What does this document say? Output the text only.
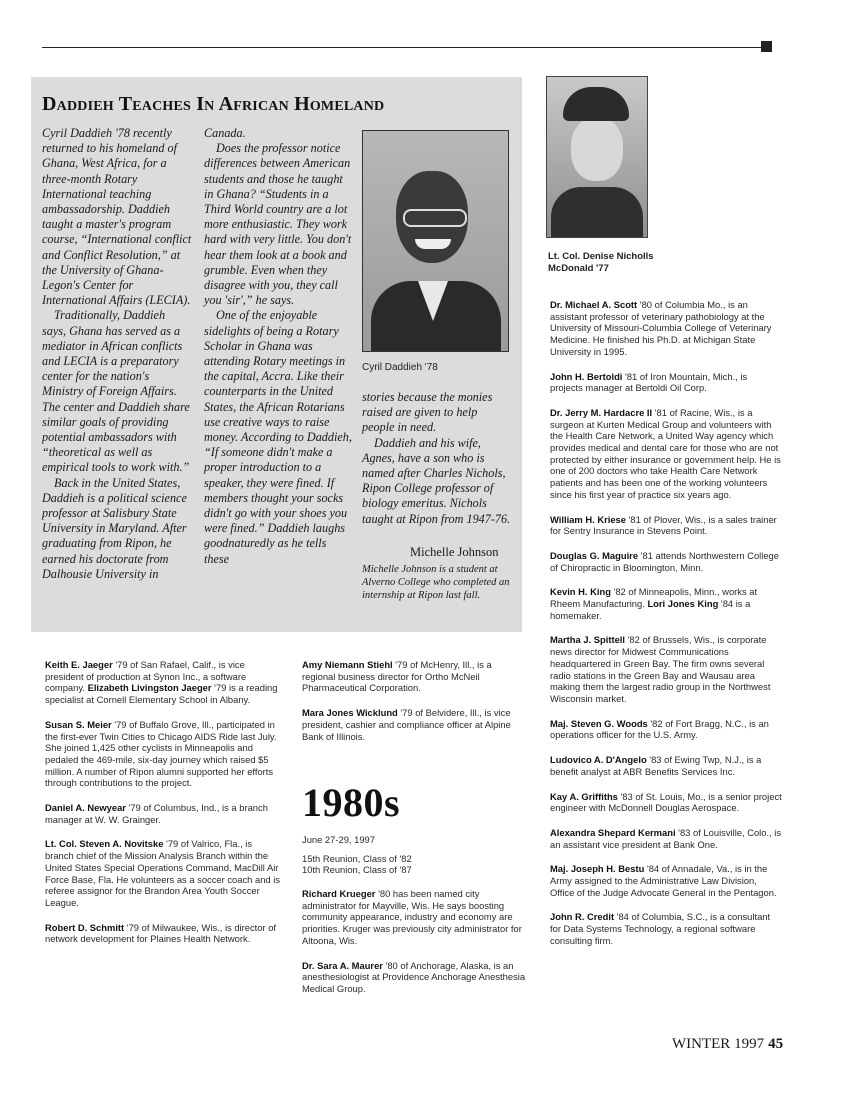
Daddieh Teaches In African Homeland

Cyril Daddieh '78 recently returned to his homeland of Ghana, West Africa, for a three-month Rotary International teaching ambassadorship. Daddieh taught a master's program course, “International conflict and Conflict Resolution,” at the University of Ghana-Legon's Center for International Affairs (LECIA).

Traditionally, Daddieh says, Ghana has served as a mediator in African conflicts and LECIA is a preparatory center for the nation's Ministry of Foreign Affairs. The center and Daddieh share similar goals of providing potential ambassadors with “theoretical as well as empirical tools to work with.”

Back in the United States, Daddieh is a political science professor at Salisbury State University in Maryland. After graduating from Ripon, he earned his doctorate from Dalhousie University in

Canada.

Does the professor notice differences between American students and those he taught in Ghana? “Students in a Third World country are a lot more enthusiastic. They work hard with very little. You don't hear them look at a book and grumble. Even when they disagree with you, they call you 'sir',” he says.

One of the enjoyable sidelights of being a Rotary Scholar in Ghana was attending Rotary meetings in the capital, Accra. Like their counterparts in the United States, the African Rotarians use creative ways to raise money. According to Daddieh, “If someone didn't make a proper introduction to a speaker, they were fined. If members thought your socks didn't go with your shoes you were fined.” Daddieh laughs goodnaturedly as he tells these

Cyril Daddieh '78

stories because the monies raised are given to help people in need.

Daddieh and his wife, Agnes, have a son who is named after Charles Nichols, Ripon College professor of biology emeritus. Nichols taught at Ripon from 1947-76.

Michelle Johnson
Michelle Johnson is a student at Alverno College who completed an internship at Ripon last fall.
Lt. Col. Denise Nicholls
McDonald '77

Keith E. Jaeger '79 of San Rafael, Calif., is vice president of production at Synon Inc., a software company. Elizabeth Livingston Jaeger '79 is a reading specialist at Cornell Elementary School in Albany.

Susan S. Meier '79 of Buffalo Grove, Ill., participated in the first-ever Twin Cities to Chicago AIDS Ride last July. She joined 1,425 other cyclists in Minneapolis and pedaled the 469-mile, six-day journey which raised $5 million. A number of Ripon alumni supported her efforts through contributions to the project.

Daniel A. Newyear '79 of Columbus, Ind., is a branch manager at W. W. Grainger.

Lt. Col. Steven A. Novitske '79 of Valrico, Fla., is branch chief of the Mission Analysis Branch within the United States Special Operations Command, MacDill Air Force Base, Fla. He volunteers as a soccer coach and is referee assignor for the Brandon Area Youth Soccer League.

Robert D. Schmitt '79 of Milwaukee, Wis., is director of network development for Plaines Health Network.

Amy Niemann Stiehl '79 of McHenry, Ill., is a regional business director for Ortho McNeil Pharmaceutical Corporation.

Mara Jones Wicklund '79 of Belvidere, Ill., is vice president, cashier and compliance officer at Alpine Bank of Illinois.

1980s
June 27-29, 1997
15th Reunion, Class of '82
10th Reunion, Class of '87

Richard Krueger '80 has been named city administrator for Mayville, Wis. He says boosting community appearance, industry and economy are priorities. Kruger was previously city administrator for Altoona, Wis.

Dr. Sara A. Maurer '80 of Anchorage, Alaska, is an anesthesiologist at Providence Anchorage Anesthesia Medical Group.

Dr. Michael A. Scott '80 of Columbia Mo., is an assistant professor of veterinary pathobiology at the University of Missouri-Columbia College of Veterinary Medicine. He finished his Ph.D. at Michigan State University in 1995.

John H. Bertoldi '81 of Iron Mountain, Mich., is projects manager at Bertoldi Oil Corp.

Dr. Jerry M. Hardacre II '81 of Racine, Wis., is a surgeon at Kurten Medical Group and volunteers with the Health Care Network, a United Way agency which provides medical and dental care for those who are not protected by either insurance or government help. He is one of 200 doctors who take Health Care Network patients and has been one of the working volunteers since his first year of practice six years ago.

William H. Kriese '81 of Plover, Wis., is a sales trainer for Sentry Insurance in Stevens Point.

Douglas G. Maguire '81 attends Northwestern College of Chiropractic in Bloomington, Minn.

Kevin H. King '82 of Minneapolis, Minn., works at Rheem Manufacturing. Lori Jones King '84 is a homemaker.

Martha J. Spittell '82 of Brussels, Wis., is corporate news director for Midwest Communications headquartered in Green Bay. The firm owns several radio stations in the Green Bay and Wausau area making them the largest radio group in the Northwest Wisconsin market.

Maj. Steven G. Woods '82 of Fort Bragg, N.C., is an operations officer for the U.S. Army.

Ludovico A. D'Angelo '83 of Ewing Twp, N.J., is a benefit analyst at ABR Benefits Services Inc.

Kay A. Griffiths '83 of St. Louis, Mo., is a senior project engineer with McDonnell Douglas Aerospace.

Alexandra Shepard Kermani '83 of Louisville, Colo., is an assistant vice president at Bank One.

Maj. Joseph H. Bestu '84 of Annadale, Va., is in the Army assigned to the Administrative Law Division, Office of the Judge Advocate General in the Pentagon.

John R. Credit '84 of Columbia, S.C., is a consultant for Data Systems Technology, a regional software consulting firm.

WINTER 1997 45
